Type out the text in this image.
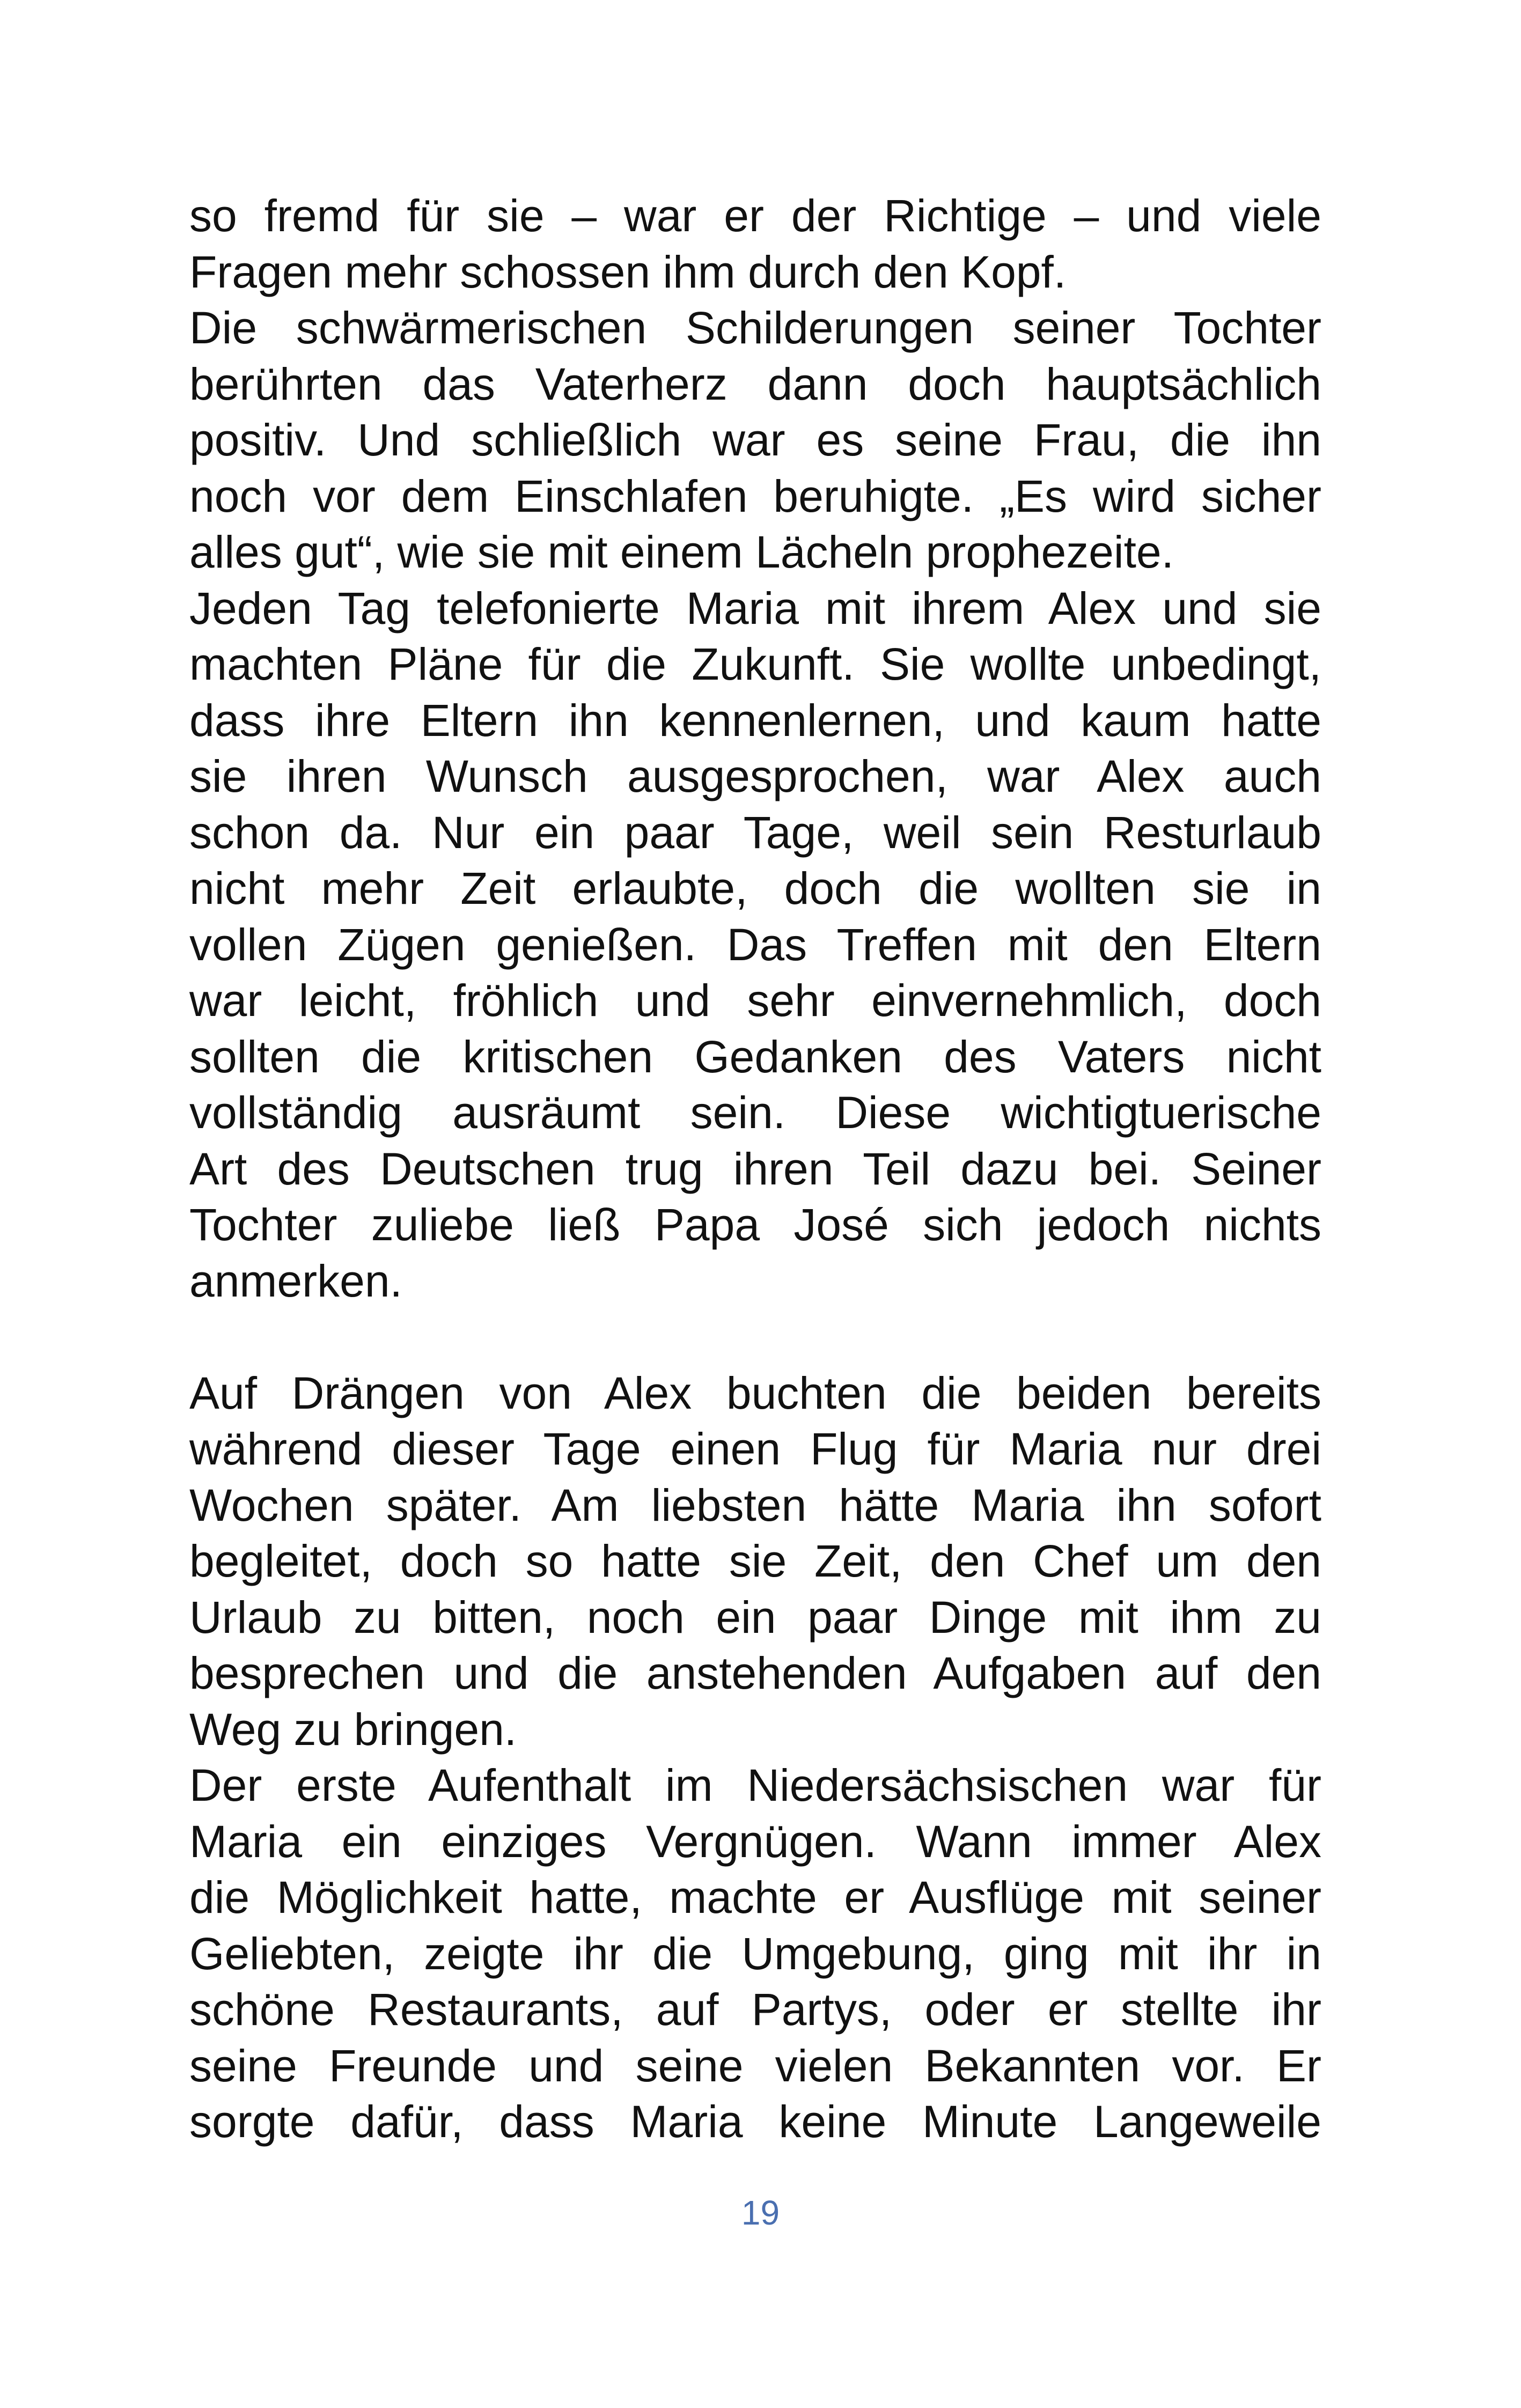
so fremd für sie – war er der Richtige – und viele
Fragen mehr schossen ihm durch den Kopf.
Die schwärmerischen Schilderungen seiner Tochter
berührten das Vaterherz dann doch hauptsächlich
positiv. Und schließlich war es seine Frau, die ihn
noch vor dem Einschlafen beruhigte. „Es wird sicher
alles gut“, wie sie mit einem Lächeln prophezeite.
Jeden Tag telefonierte Maria mit ihrem Alex und sie
machten Pläne für die Zukunft. Sie wollte unbedingt,
dass ihre Eltern ihn kennenlernen, und kaum hatte
sie ihren Wunsch ausgesprochen, war Alex auch
schon da. Nur ein paar Tage, weil sein Resturlaub
nicht mehr Zeit erlaubte, doch die wollten sie in
vollen Zügen genießen. Das Treffen mit den Eltern
war leicht, fröhlich und sehr einvernehmlich, doch
sollten die kritischen Gedanken des Vaters nicht
vollständig ausräumt sein. Diese wichtigtuerische
Art des Deutschen trug ihren Teil dazu bei. Seiner
Tochter zuliebe ließ Papa José sich jedoch nichts
anmerken.
Auf Drängen von Alex buchten die beiden bereits
während dieser Tage einen Flug für Maria nur drei
Wochen später. Am liebsten hätte Maria ihn sofort
begleitet, doch so hatte sie Zeit, den Chef um den
Urlaub zu bitten, noch ein paar Dinge mit ihm zu
besprechen und die anstehenden Aufgaben auf den
Weg zu bringen.
Der erste Aufenthalt im Niedersächsischen war für
Maria ein einziges Vergnügen. Wann immer Alex
die Möglichkeit hatte, machte er Ausflüge mit seiner
Geliebten, zeigte ihr die Umgebung, ging mit ihr in
schöne Restaurants, auf Partys, oder er stellte ihr
seine Freunde und seine vielen Bekannten vor. Er
sorgte dafür, dass Maria keine Minute Langeweile
19
